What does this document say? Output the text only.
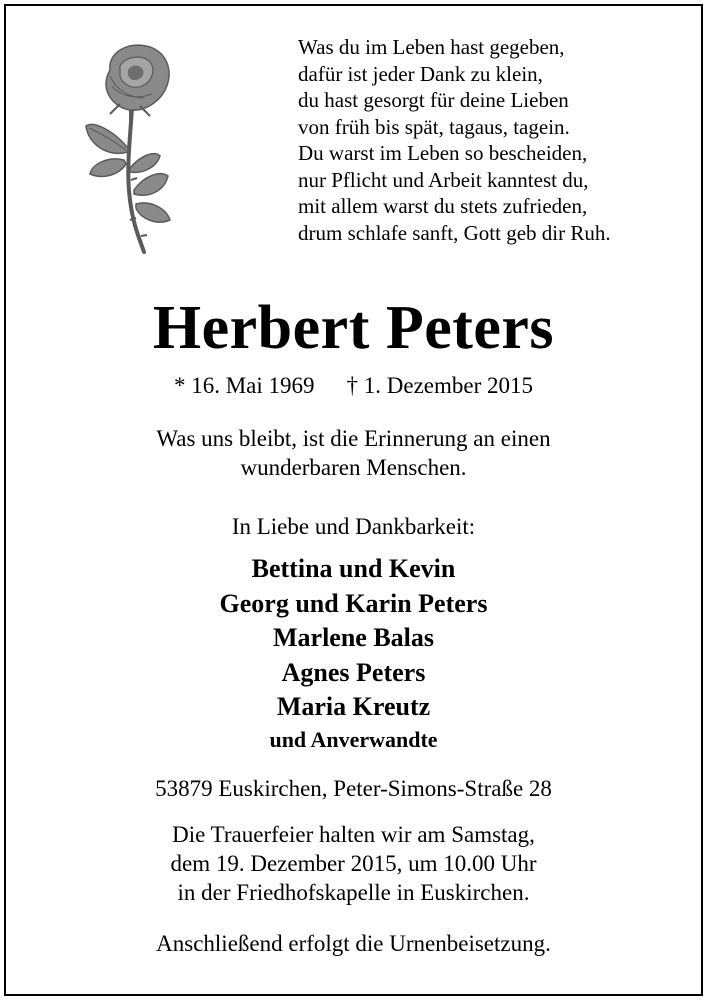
Was du im Leben hast gegeben,
dafür ist jeder Dank zu klein,
du hast gesorgt für deine Lieben
von früh bis spät, tagaus, tagein.
Du warst im Leben so bescheiden,
nur Pflicht und Arbeit kanntest du,
mit allem warst du stets zufrieden,
drum schlafe sanft, Gott geb dir Ruh.
Herbert Peters
* 16. Mai 1969 † 1. Dezember 2015
Was uns bleibt, ist die Erinnerung an einen
wunderbaren Menschen.
In Liebe und Dankbarkeit:
Bettina und Kevin
Georg und Karin Peters
Marlene Balas
Agnes Peters
Maria Kreutz
und Anverwandte
53879 Euskirchen, Peter-Simons-Straße 28
Die Trauerfeier halten wir am Samstag,
dem 19. Dezember 2015, um 10.00 Uhr
in der Friedhofskapelle in Euskirchen.
Anschließend erfolgt die Urnenbeisetzung.
